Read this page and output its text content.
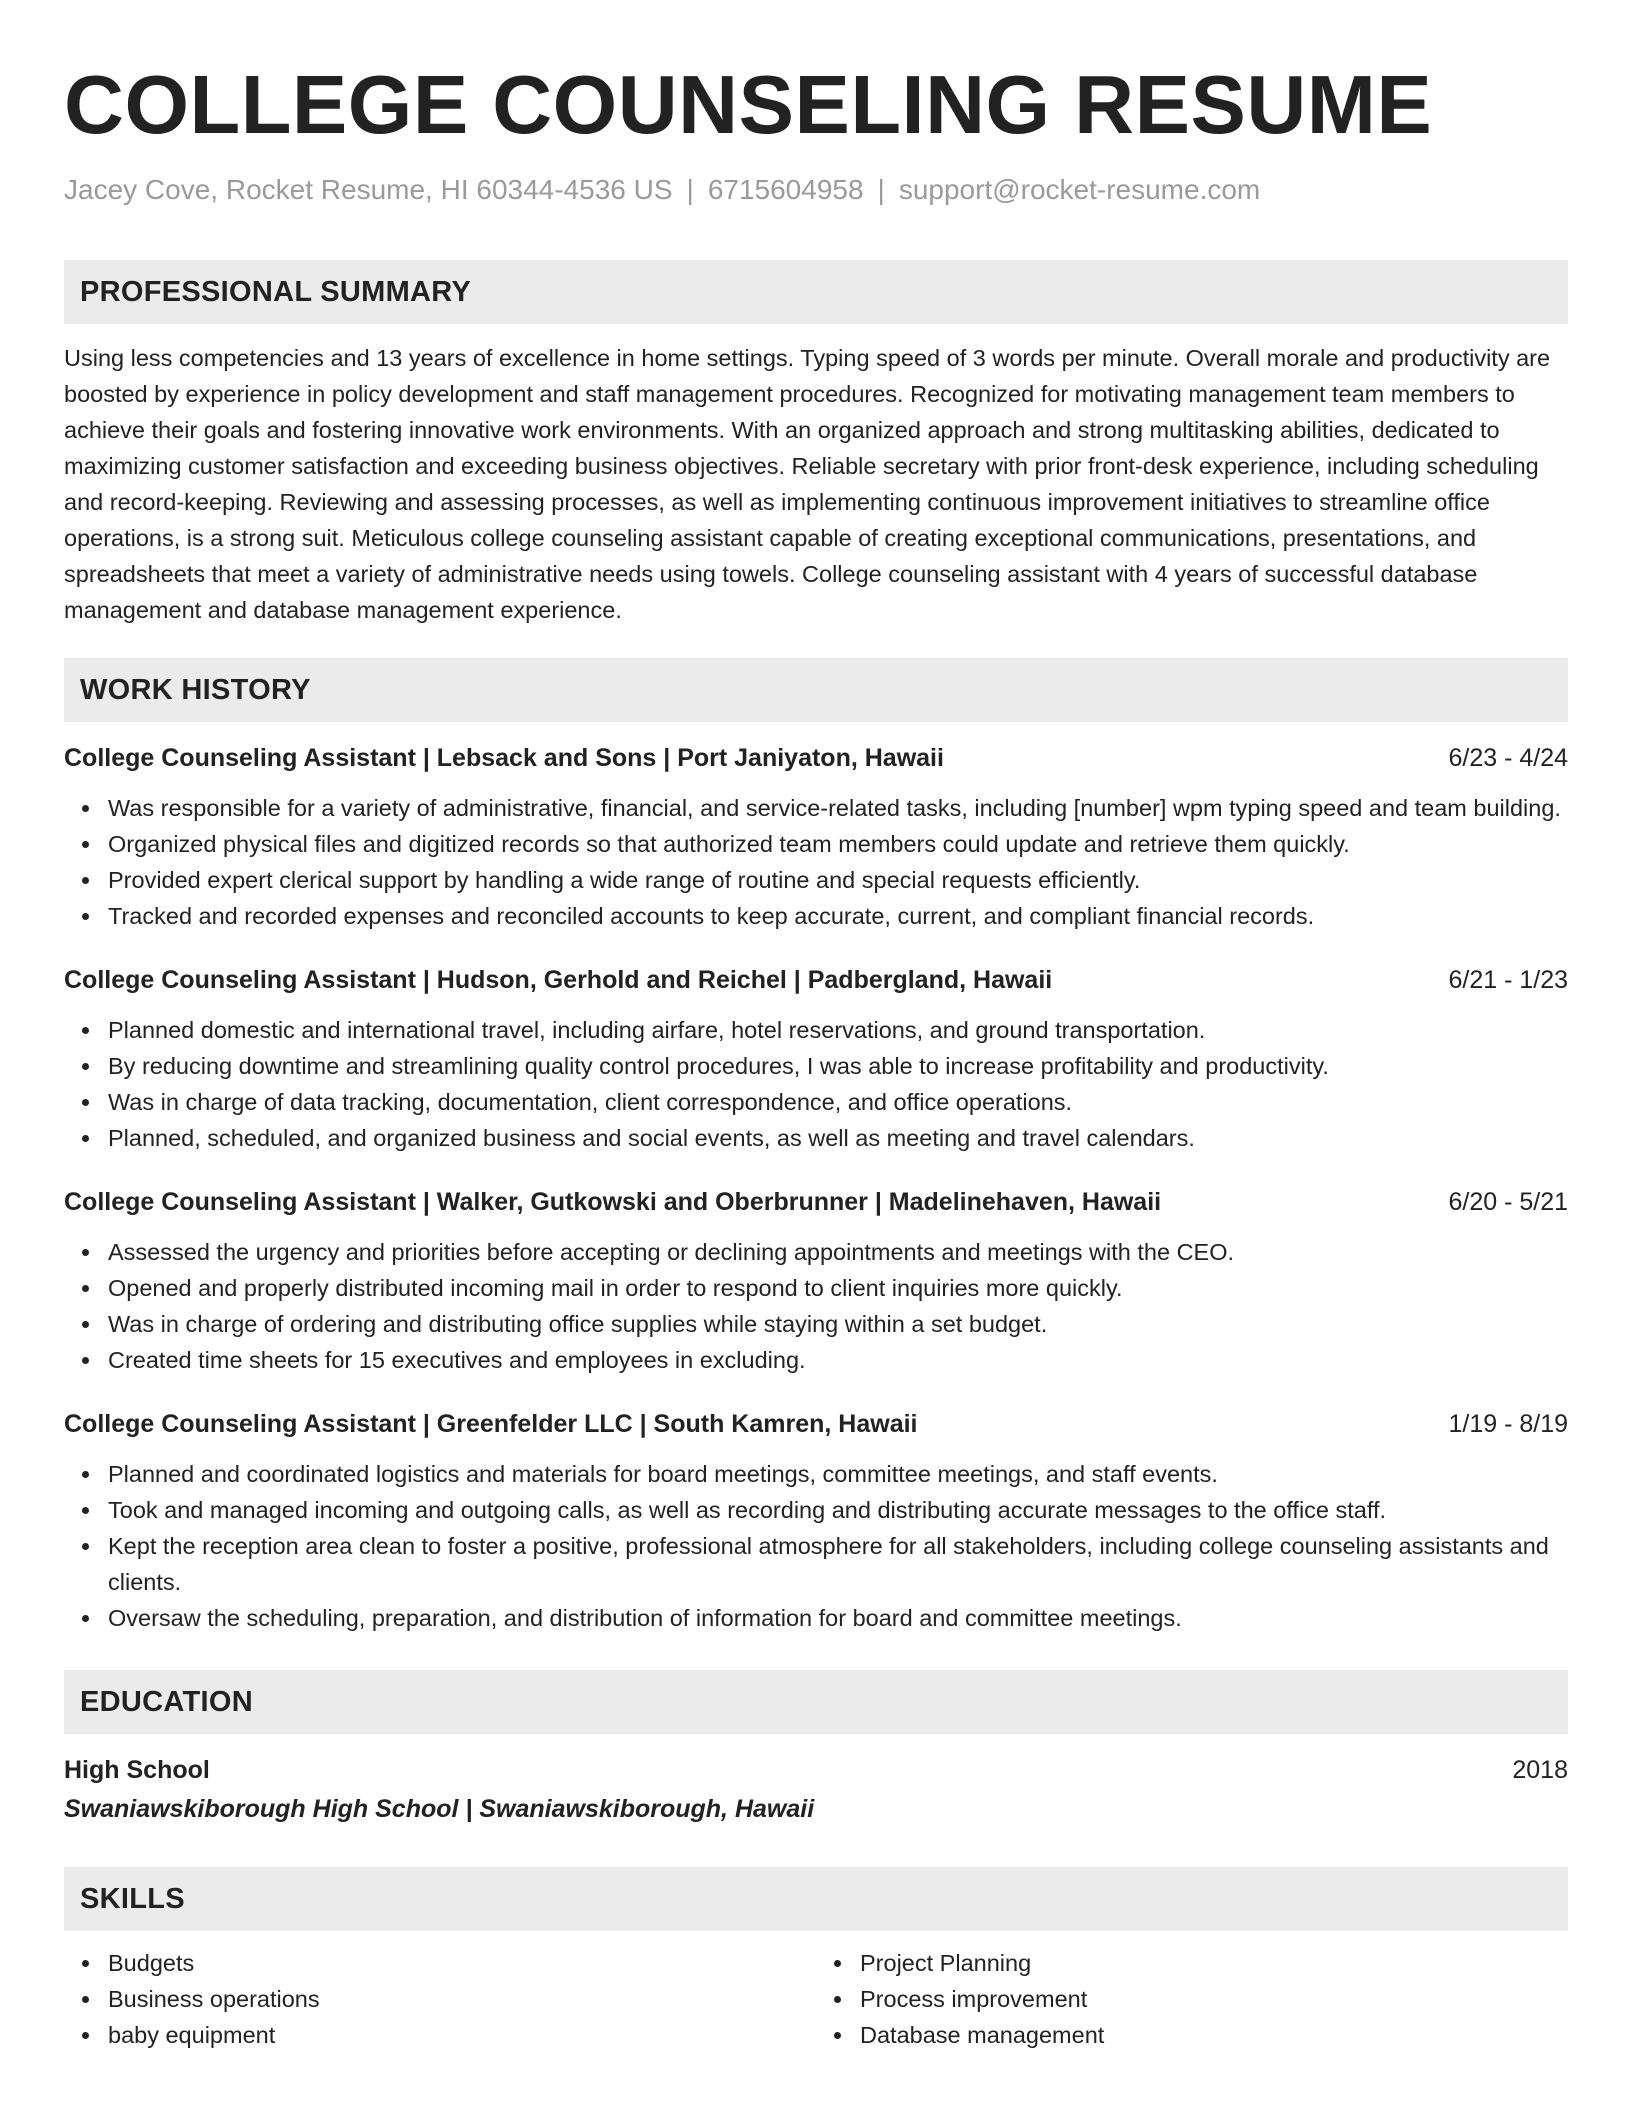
COLLEGE COUNSELING RESUME
Jacey Cove, Rocket Resume, HI 60344-4536 US | 6715604958 | support@rocket-resume.com
PROFESSIONAL SUMMARY

Using less competencies and 13 years of excellence in home settings. Typing speed of 3 words per minute. Overall morale and productivity are boosted by experience in policy development and staff management procedures. Recognized for motivating management team members to achieve their goals and fostering innovative work environments. With an organized approach and strong multitasking abilities, dedicated to maximizing customer satisfaction and exceeding business objectives. Reliable secretary with prior front-desk experience, including scheduling and record-keeping. Reviewing and assessing processes, as well as implementing continuous improvement initiatives to streamline office operations, is a strong suit. Meticulous college counseling assistant capable of creating exceptional communications, presentations, and spreadsheets that meet a variety of administrative needs using towels. College counseling assistant with 4 years of successful database management and database management experience.

WORK HISTORY
College Counseling Assistant | Lebsack and Sons | Port Janiyaton, Hawaii	6/23 - 4/24
Was responsible for a variety of administrative, financial, and service-related tasks, including [number] wpm typing speed and team building.
Organized physical files and digitized records so that authorized team members could update and retrieve them quickly.
Provided expert clerical support by handling a wide range of routine and special requests efficiently.
Tracked and recorded expenses and reconciled accounts to keep accurate, current, and compliant financial records.
College Counseling Assistant | Hudson, Gerhold and Reichel | Padbergland, Hawaii	6/21 - 1/23
Planned domestic and international travel, including airfare, hotel reservations, and ground transportation.
By reducing downtime and streamlining quality control procedures, I was able to increase profitability and productivity.
Was in charge of data tracking, documentation, client correspondence, and office operations.
Planned, scheduled, and organized business and social events, as well as meeting and travel calendars.
College Counseling Assistant | Walker, Gutkowski and Oberbrunner | Madelinehaven, Hawaii	6/20 - 5/21
Assessed the urgency and priorities before accepting or declining appointments and meetings with the CEO.
Opened and properly distributed incoming mail in order to respond to client inquiries more quickly.
Was in charge of ordering and distributing office supplies while staying within a set budget.
Created time sheets for 15 executives and employees in excluding.
College Counseling Assistant | Greenfelder LLC | South Kamren, Hawaii	1/19 - 8/19
Planned and coordinated logistics and materials for board meetings, committee meetings, and staff events.
Took and managed incoming and outgoing calls, as well as recording and distributing accurate messages to the office staff.
Kept the reception area clean to foster a positive, professional atmosphere for all stakeholders, including college counseling assistants and clients.
Oversaw the scheduling, preparation, and distribution of information for board and committee meetings.
EDUCATION
High School	2018
Swaniawskiborough High School | Swaniawskiborough, Hawaii
SKILLS
Budgets
Business operations
baby equipment
Project Planning
Process improvement
Database management
